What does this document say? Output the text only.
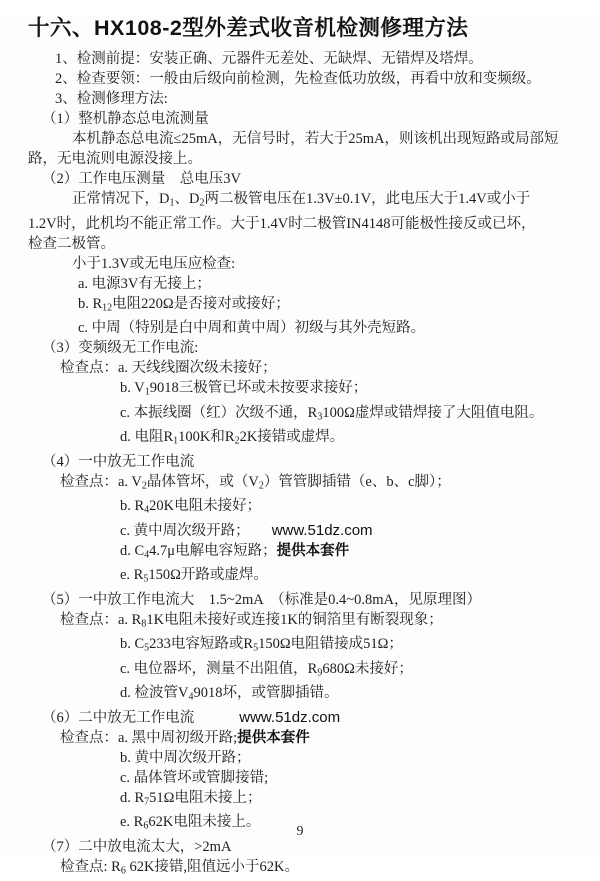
十六、HX108-2型外差式收音机检测修理方法
1、检测前提：安装正确、元器件无差处、无缺焊、无错焊及塔焊。
2、检查要领：一般由后级向前检测，先检查低功放级，再看中放和变频级。
3、检测修理方法:
（1）整机静态总电流测量
本机静态总电流≤25mA，无信号时，若大于25mA，则该机出现短路或局部短
路，无电流则电源没接上。
（2）工作电压测量　总电压3V
正常情况下，$D_1$、$D_2$两二极管电压在1.3V±0.1V，此电压大于1.4V或小于
1.2V时，此机均不能正常工作。大于1.4V时二极管IN4148可能极性接反或已坏，
检查二极管。
小于1.3V或无电压应检查:
a. 电源3V有无接上；
b. $R_{12}$电阻220Ω是否接对或接好；
c. 中周（特别是白中周和黄中周）初级与其外壳短路。
（3）变频级无工作电流:
检查点：a. 天线线圈次级未接好；
b. $V_19018$三极管已坏或未按要求接好；
c. 本振线圈（红）次级不通，$R_3100\Omega$虚焊或错焊接了大阻值电阻。
d. 电阻$R_1100K$和$R_22K$接错或虚焊。
（4）一中放无工作电流
检查点：a. $V_2$晶体管坏，或$(V_2)$管管脚插错（e、b、c脚）；
b. $R_420K$电阻未接好；
c. 黄中周次级开路； www.51dz.com
d. $C_44.7\mu$电解电容短路；提供本套件
e. $R_5150\Omega$开路或虚焊。
（5）一中放工作电流大　1.5~2mA　（标准是0.4~0.8mA，见原理图）
检查点：a. $R_81K$电阻未接好或连接1K的铜箔里有断裂现象；
b. $C_5233$电容短路或$R_5150\Omega$电阻错接成51Ω；
c. 电位器坏，测量不出阻值，$R_9680\Omega$未接好；
d. 检波管$V_49018$坏，或管脚插错。
（6）二中放无工作电流	www.51dz.com
检查点：a. 黑中周初级开路;提供本套件
b. 黄中周次级开路；
c. 晶体管坏或管脚接错;
d. $R_751\Omega$电阻未接上；
e. $R_662K$电阻未接上。
（7）二中放电流太大，>2mA
检查点: $R_6$ 62K接错,阻值远小于62K。
9
